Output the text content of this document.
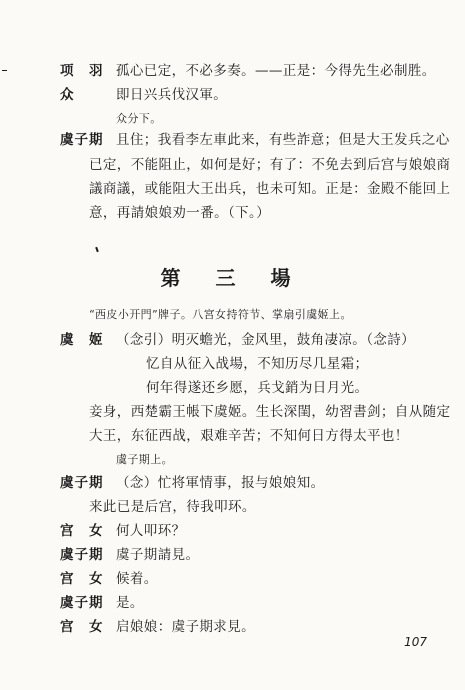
项　羽 孤心已定，不必多奏。——正是：今得先生必制胜。
众	即日兴兵伐汉軍。
众分下。
虞子期 且住；我看李左車此来，有些詐意；但是大王发兵之心
已定，不能阻止，如何是好；有了：不免去到后宫与娘娘商
議商議，或能阻大王出兵，也未可知。正是：金殿不能回上
意，再請娘娘劝一番。（下。）
第 三 場
“西皮小开門”牌子。八宮女持符节、掌扇引虞姬上。
虞　姬 （念引）明灭蟾光，金风里，鼓角凄凉。（念詩）
忆自从征入战場，不知历尽几星霜；
何年得遂还乡愿，兵戈銷为日月光。
妾身，西楚霸王帳下虞姬。生长深閨，幼習書剑；自从随定
大王，东征西战，艰难辛苦；不知何日方得太平也！
虞子期上。
虞子期 （念）忙将軍情事，报与娘娘知。
来此已是后宫，待我叩环。
宫　女 何人叩环？
虞子期 虞子期請見。
宫　女 候着。
虞子期 是。
宫　女 启娘娘：虞子期求見。
107
